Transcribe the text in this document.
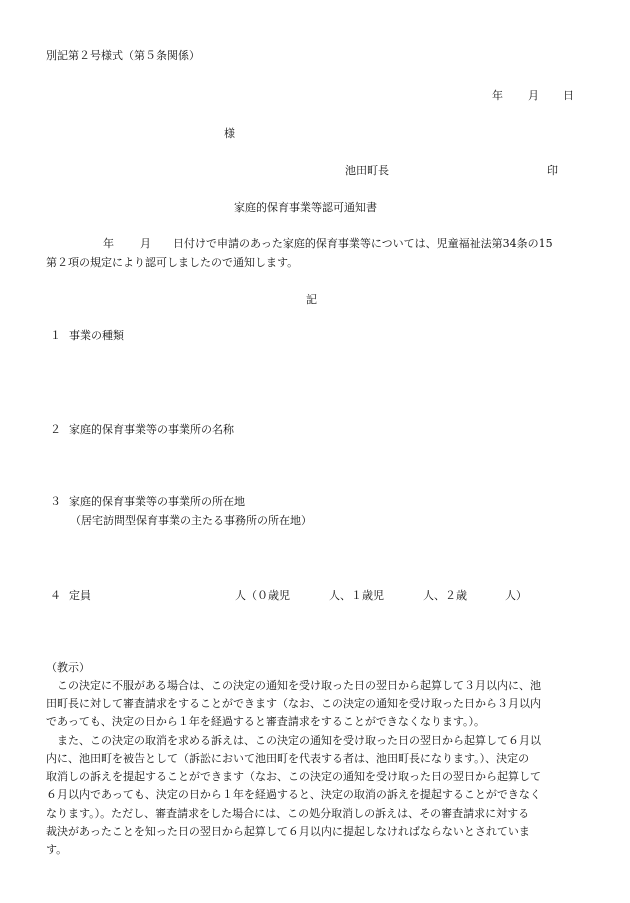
別記第２号様式（第５条関係）
年 月 日
様
池田町長	印
家庭的保育事業等認可通知書
年 月 日付けで申請のあった家庭的保育事業等については、児童福祉法第34条の15
第２項の規定により認可しましたので通知します。
記
１ 事業の種類
２ 家庭的保育事業等の事業所の名称
３ 家庭的保育事業等の事業所の所在地
（居宅訪問型保育事業の主たる事務所の所在地）
４ 定員	人（０歳児	人、１歳児	人、２歳	人）
（教示）
　この決定に不服がある場合は、この決定の通知を受け取った日の翌日から起算して３月以内に、池
田町長に対して審査請求をすることができます（なお、この決定の通知を受け取った日から３月以内
であっても、決定の日から１年を経過すると審査請求をすることができなくなります。）。
　また、この決定の取消を求める訴えは、この決定の通知を受け取った日の翌日から起算して６月以
内に、池田町を被告として（訴訟において池田町を代表する者は、池田町長になります。）、決定の
取消しの訴えを提起することができます（なお、この決定の通知を受け取った日の翌日から起算して
６月以内であっても、決定の日から１年を経過すると、決定の取消の訴えを提起することができなく
なります。）。ただし、審査請求をした場合には、この処分取消しの訴えは、その審査請求に対する
裁決があったことを知った日の翌日から起算して６月以内に提起しなければならないとされていま
す。
